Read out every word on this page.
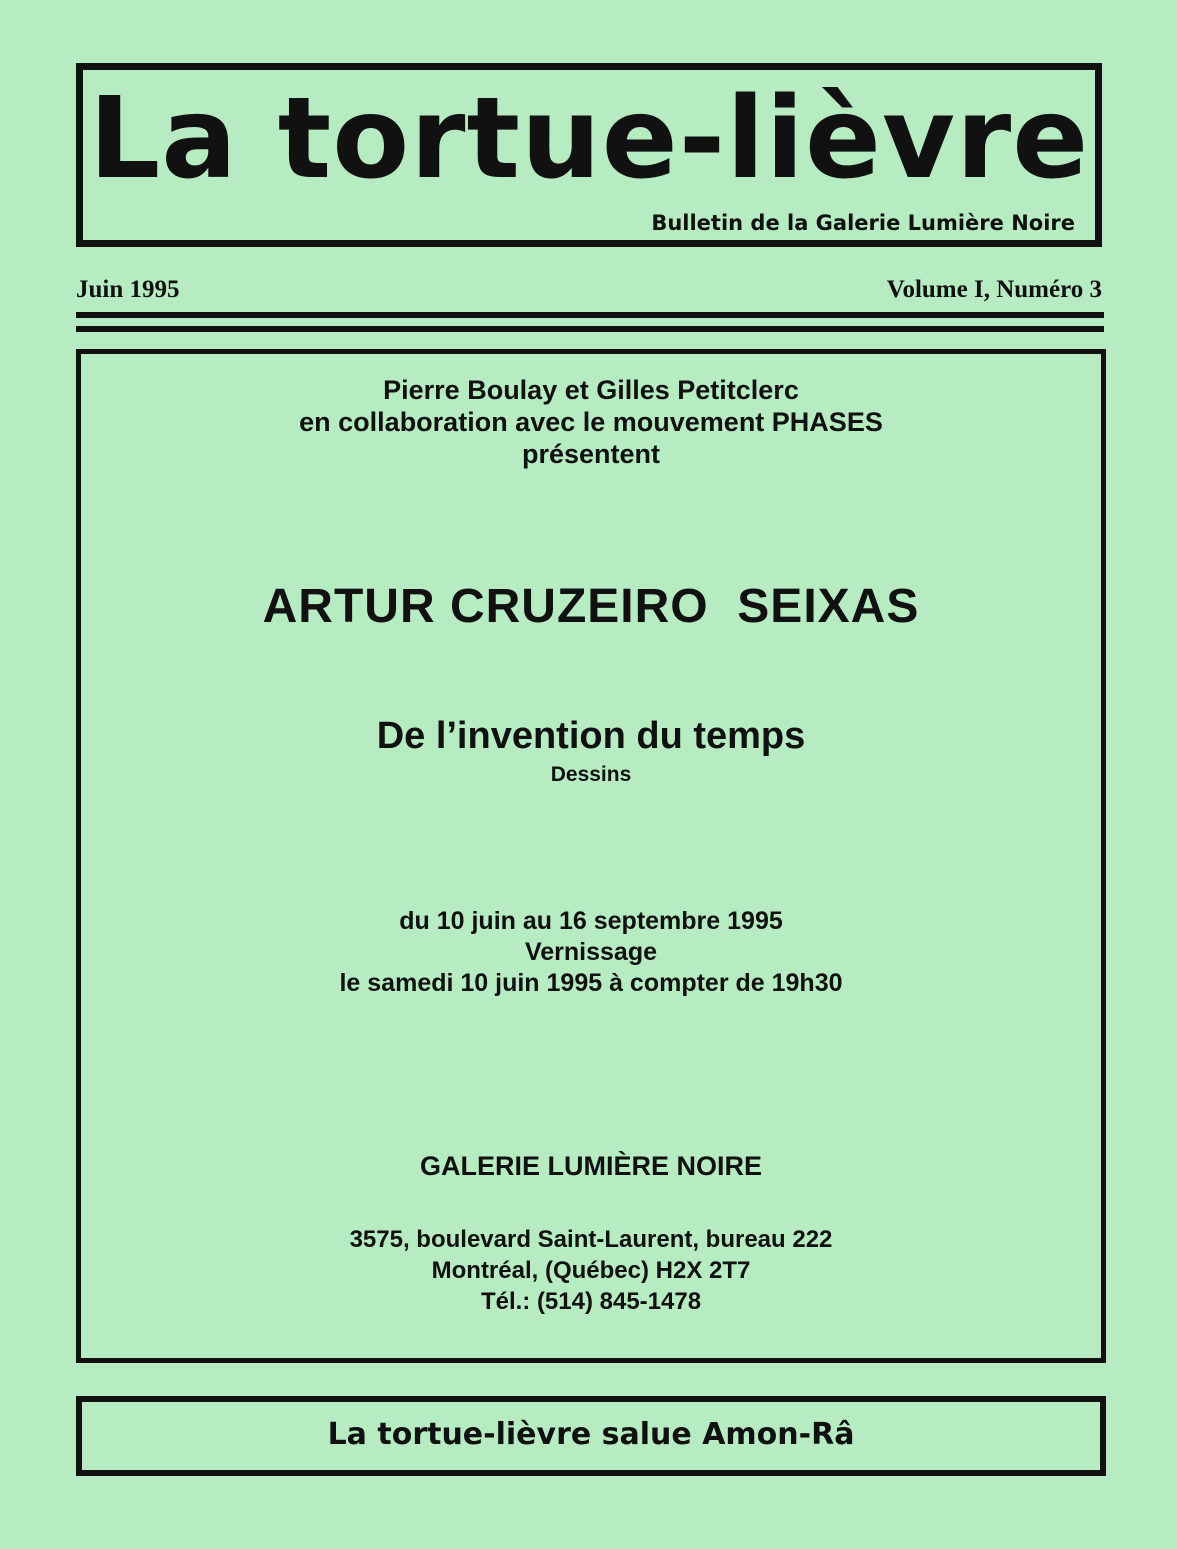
La tortue-lièvre
Bulletin de la Galerie Lumière Noire
Juin 1995	Volume I, Numéro 3
Pierre Boulay et Gilles Petitclerc
en collaboration avec le mouvement PHASES
présentent
ARTUR CRUZEIRO  SEIXAS
De l’invention du temps
Dessins
du 10 juin au 16 septembre 1995
Vernissage
le samedi 10 juin 1995 à compter de 19h30
GALERIE LUMIÈRE NOIRE
3575, boulevard Saint-Laurent, bureau 222
Montréal, (Québec) H2X 2T7
Tél.: (514) 845-1478
La tortue-lièvre salue Amon-Râ
